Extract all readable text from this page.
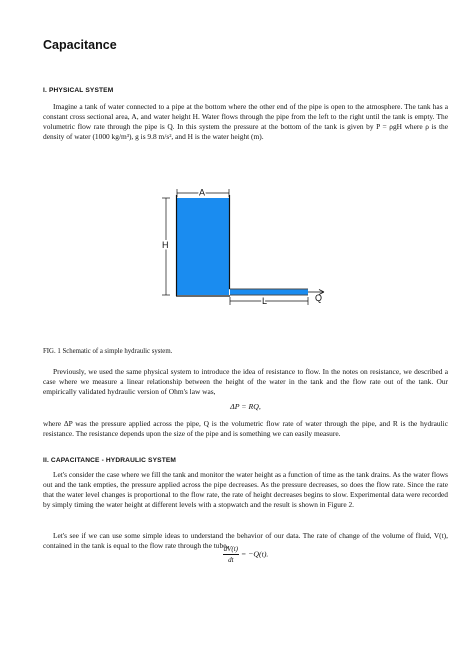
Capacitance
I. PHYSICAL SYSTEM

Imagine a tank of water connected to a pipe at the bottom where the other end of the pipe is open to the atmosphere. The tank has a constant cross sectional area, A, and water height H. Water flows through the pipe from the left to the right until the tank is empty. The volumetric flow rate through the pipe is Q. In this system the pressure at the bottom of the tank is given by P = ρgH where ρ is the density of water (1000 kg/m³), g is 9.8 m/s², and H is the water height (m).

A
H
L	Q
FIG. 1 Schematic of a simple hydraulic system.

Previously, we used the same physical system to introduce the idea of resistance to flow. In the notes on resistance, we described a case where we measure a linear relationship between the height of the water in the tank and the flow rate out of the tank. Our empirically validated hydraulic version of Ohm's law was,

ΔP = RQ,

where ΔP was the pressure applied across the pipe, Q is the volumetric flow rate of water through the pipe, and R is the hydraulic resistance. The resistance depends upon the size of the pipe and is something we can easily measure.

II. CAPACITANCE - HYDRAULIC SYSTEM

Let's consider the case where we fill the tank and monitor the water height as a function of time as the tank drains. As the water flows out and the tank empties, the pressure applied across the pipe decreases. As the pressure decreases, so does the flow rate. Since the rate that the water level changes is proportional to the flow rate, the rate of height decreases begins to slow. Experimental data were recorded by simply timing the water height at different levels with a stopwatch and the result is shown in Figure 2.

Let's see if we can use some simple ideas to understand the behavior of our data. The rate of change of the volume of fluid, V(t), contained in the tank is equal to the flow rate through the tube,

$\frac{dV(t)}{dt} = -Q(t)$.
